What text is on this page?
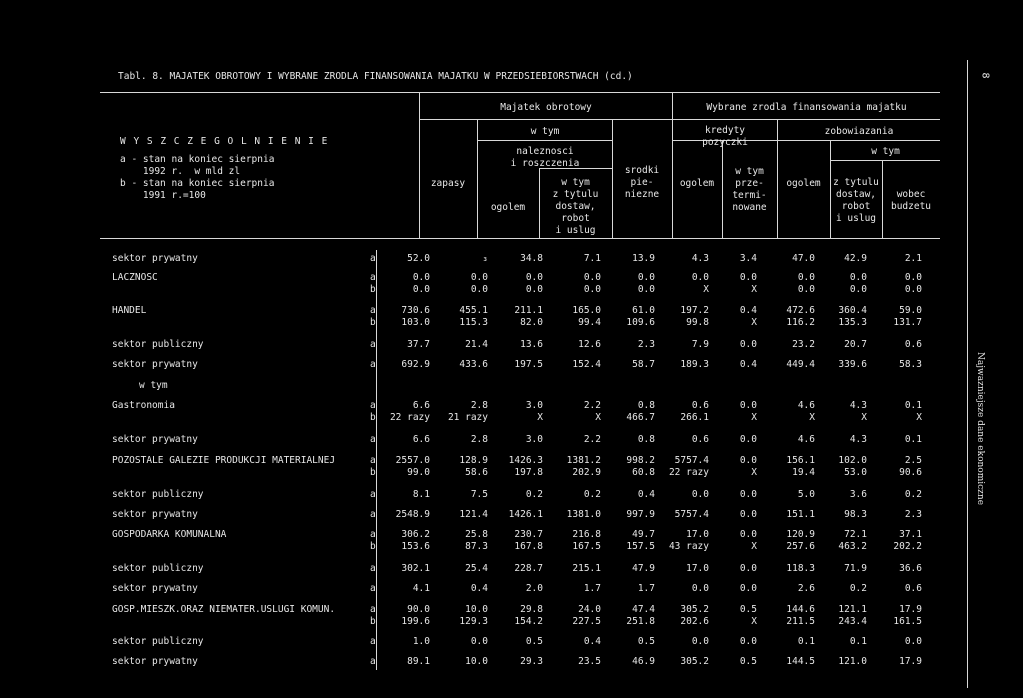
Tabl. 8. MAJATEK OBROTOWY I WYBRANE ZRODLA FINANSOWANIA MAJATKU W PRZEDSIEBIORSTWACH (cd.)	8
Najwazniejsze dane ekonomiczne
W Y S Z C Z E G O L N I E N I E
a - stan na koniec sierpnia
1992 r.  w mld zl
b - stan na koniec sierpnia
1991 r.=100
Majatek obrotowy	Wybrane zrodla finansowania majatku
w tym
naleznosci
i roszczenia
zapasy
ogolem
w tym
z tytulu
dostaw,
robot
i uslug
srodki
pie-
niezne
kredyty
pozyczki
ogolem
w tym
prze-
termi-
nowane
zobowiazania
ogolem
w tym
z tytulu
dostaw,
robot
i uslug
wobec
budzetu
sektor prywatny	a	52.0	₃	34.8	7.1	13.9	4.3	3.4	47.0	42.9	2.1
LACZNOSC	a	0.0	0.0	0.0	0.0	0.0	0.0	0.0	0.0	0.0	0.0
b	0.0	0.0	0.0	0.0	0.0	X	X	0.0	0.0	0.0
HANDEL	a	730.6	455.1	211.1	165.0	61.0	197.2	0.4	472.6	360.4	59.0
b	103.0	115.3	82.0	99.4	109.6	99.8	X	116.2	135.3	131.7
sektor publiczny	a	37.7	21.4	13.6	12.6	2.3	7.9	0.0	23.2	20.7	0.6
sektor prywatny	a	692.9	433.6	197.5	152.4	58.7	189.3	0.4	449.4	339.6	58.3
w tym
Gastronomia	a	6.6	2.8	3.0	2.2	0.8	0.6	0.0	4.6	4.3	0.1
b	22 razy	21 razy	X	X	466.7	266.1	X	X	X	X
sektor prywatny	a	6.6	2.8	3.0	2.2	0.8	0.6	0.0	4.6	4.3	0.1
POZOSTALE GALEZIE PRODUKCJI MATERIALNEJ	a	2557.0	128.9	1426.3	1381.2	998.2	5757.4	0.0	156.1	102.0	2.5
b	99.0	58.6	197.8	202.9	60.8	22 razy	X	19.4	53.0	90.6
sektor publiczny	a	8.1	7.5	0.2	0.2	0.4	0.0	0.0	5.0	3.6	0.2
sektor prywatny	a	2548.9	121.4	1426.1	1381.0	997.9	5757.4	0.0	151.1	98.3	2.3
GOSPODARKA KOMUNALNA	a	306.2	25.8	230.7	216.8	49.7	17.0	0.0	120.9	72.1	37.1
b	153.6	87.3	167.8	167.5	157.5	43 razy	X	257.6	463.2	202.2
sektor publiczny	a	302.1	25.4	228.7	215.1	47.9	17.0	0.0	118.3	71.9	36.6
sektor prywatny	a	4.1	0.4	2.0	1.7	1.7	0.0	0.0	2.6	0.2	0.6
GOSP.MIESZK.ORAZ NIEMATER.USLUGI KOMUN.	a	90.0	10.0	29.8	24.0	47.4	305.2	0.5	144.6	121.1	17.9
b	199.6	129.3	154.2	227.5	251.8	202.6	X	211.5	243.4	161.5
sektor publiczny	a	1.0	0.0	0.5	0.4	0.5	0.0	0.0	0.1	0.1	0.0
sektor prywatny	a	89.1	10.0	29.3	23.5	46.9	305.2	0.5	144.5	121.0	17.9
